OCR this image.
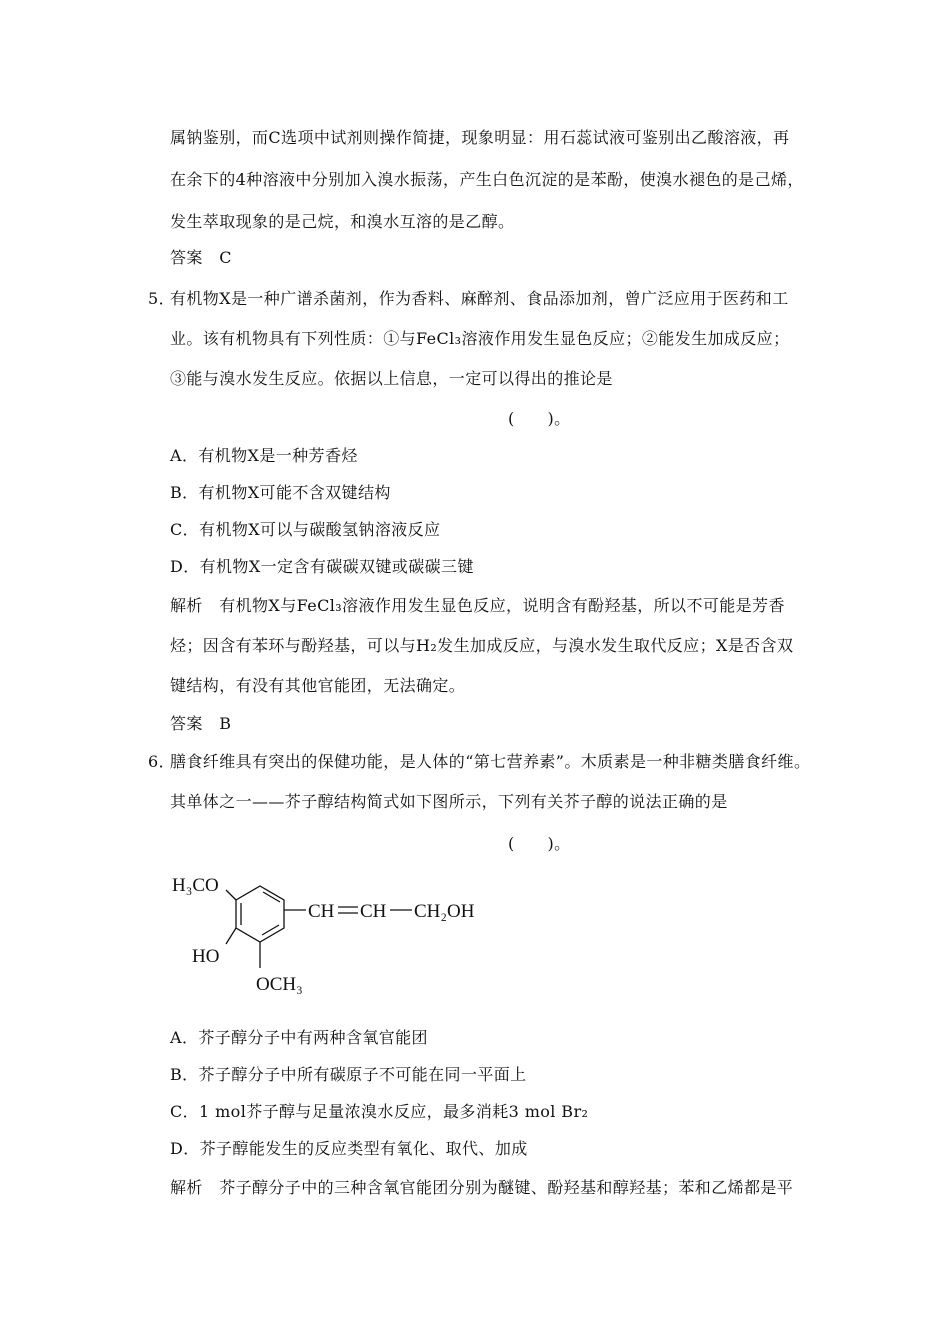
属钠鉴别，而C选项中试剂则操作简捷，现象明显：用石蕊试液可鉴别出乙酸溶液，再
在余下的4种溶液中分别加入溴水振荡，产生白色沉淀的是苯酚，使溴水褪色的是己烯，
发生萃取现象的是己烷，和溴水互溶的是乙醇。
答案　C
5．
有机物X是一种广谱杀菌剂，作为香料、麻醉剂、食品添加剂，曾广泛应用于医药和工
业。该有机物具有下列性质：①与FeCl₃溶液作用发生显色反应；②能发生加成反应；
③能与溴水发生反应。依据以上信息，一定可以得出的推论是
(　　)。
A．有机物X是一种芳香烃
B．有机物X可能不含双键结构
C．有机物X可以与碳酸氢钠溶液反应
D．有机物X一定含有碳碳双键或碳碳三键
解析　有机物X与FeCl₃溶液作用发生显色反应，说明含有酚羟基，所以不可能是芳香
烃；因含有苯环与酚羟基，可以与H₂发生加成反应，与溴水发生取代反应；X是否含双
键结构，有没有其他官能团，无法确定。
答案　B
6．
膳食纤维具有突出的保健功能，是人体的“第七营养素”。木质素是一种非糖类膳食纤维。
其单体之一——芥子醇结构简式如下图所示，下列有关芥子醇的说法正确的是
(　　)。
H₃CO
HO
OCH₃
CH CH CH₂OH
A．芥子醇分子中有两种含氧官能团
B．芥子醇分子中所有碳原子不可能在同一平面上
C．1 mol芥子醇与足量浓溴水反应，最多消耗3 mol Br₂
D．芥子醇能发生的反应类型有氧化、取代、加成
解析　芥子醇分子中的三种含氧官能团分别为醚键、酚羟基和醇羟基；苯和乙烯都是平
